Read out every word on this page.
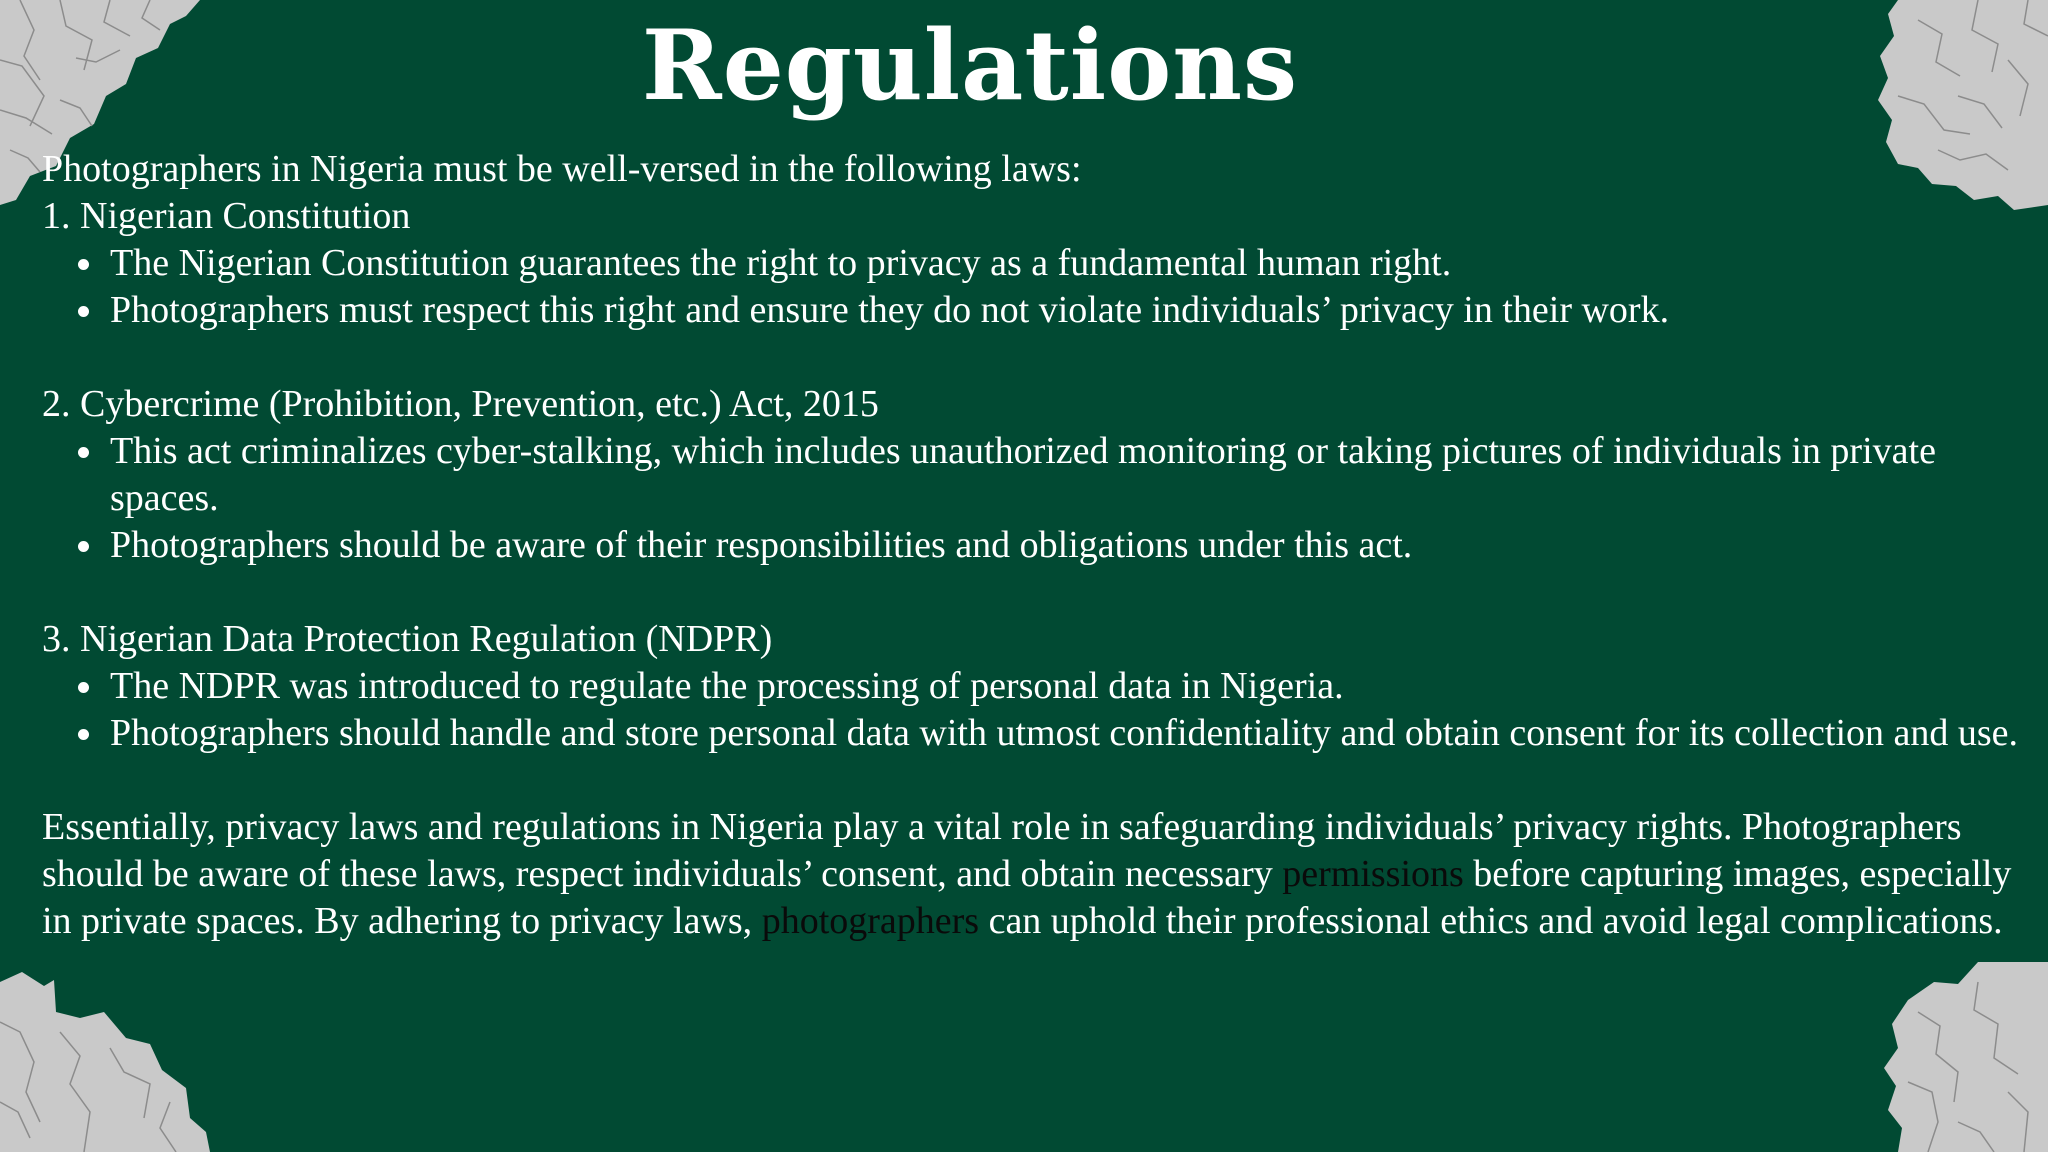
Regulations

Photographers in Nigeria must be well-versed in the following laws:

1. Nigerian Constitution

The Nigerian Constitution guarantees the right to privacy as a fundamental human right.
Photographers must respect this right and ensure they do not violate individuals’ privacy in their work.

2. Cybercrime (Prohibition, Prevention, etc.) Act, 2015

This act criminalizes cyber-stalking, which includes unauthorized monitoring or taking pictures of individuals in private spaces.
Photographers should be aware of their responsibilities and obligations under this act.

3. Nigerian Data Protection Regulation (NDPR)

The NDPR was introduced to regulate the processing of personal data in Nigeria.
Photographers should handle and store personal data with utmost confidentiality and obtain consent for its collection and use.

Essentially, privacy laws and regulations in Nigeria play a vital role in safeguarding individuals’ privacy rights. Photographers should be aware of these laws, respect individuals’ consent, and obtain necessary permissions before capturing images, especially in private spaces. By adhering to privacy laws, photographers can uphold their professional ethics and avoid legal complications.
